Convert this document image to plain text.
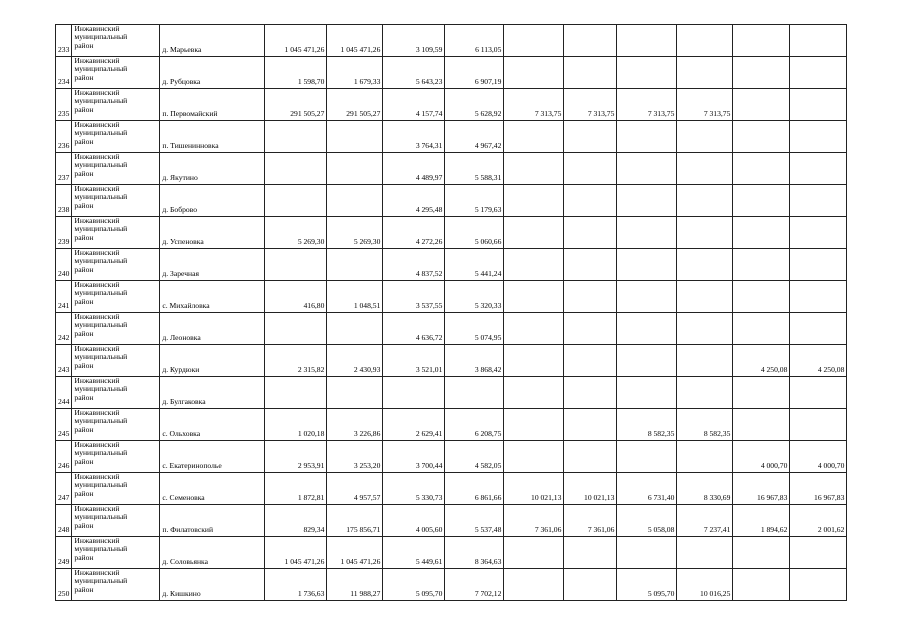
233	Инжавинский
муниципальный
район	д. Марьевка	1 045 471,26	1 045 471,26	3 109,59	6 113,05						
234	Инжавинский
муниципальный
район	д. Рубцовка	1 598,70	1 679,33	5 643,23	6 907,19						
235	Инжавинский
муниципальный
район	п. Первомайский	291 505,27	291 505,27	4 157,74	5 628,92	7 313,75	7 313,75	7 313,75	7 313,75		
236	Инжавинский
муниципальный
район	п. Тишенинновка			3 764,31	4 967,42						
237	Инжавинский
муниципальный
район	д. Якутино			4 489,97	5 588,31						
238	Инжавинский
муниципальный
район	д. Боброво			4 295,48	5 179,63						
239	Инжавинский
муниципальный
район	д. Успеновка	5 269,30	5 269,30	4 272,26	5 060,66						
240	Инжавинский
муниципальный
район	д. Заречная			4 837,52	5 441,24						
241	Инжавинский
муниципальный
район	с. Михайловка	416,80	1 048,51	3 537,55	5 320,33						
242	Инжавинский
муниципальный
район	д. Леоновка			4 636,72	5 074,95						
243	Инжавинский
муниципальный
район	д. Курдюки	2 315,82	2 430,93	3 521,01	3 868,42					4 250,08	4 250,08
244	Инжавинский
муниципальный
район	д. Булгаковка										
245	Инжавинский
муниципальный
район	с. Ольховка	1 020,18	3 226,86	2 629,41	6 208,75			8 582,35	8 582,35		
246	Инжавинский
муниципальный
район	с. Екатеринополье	2 953,91	3 253,20	3 700,44	4 582,05					4 000,70	4 000,70
247	Инжавинский
муниципальный
район	с. Семеновка	1 872,81	4 957,57	5 330,73	6 861,66	10 021,13	10 021,13	6 731,40	8 330,69	16 967,83	16 967,83
248	Инжавинский
муниципальный
район	п. Филатовский	829,34	175 856,71	4 005,60	5 537,48	7 361,06	7 361,06	5 058,08	7 237,41	1 894,62	2 001,62
249	Инжавинский
муниципальный
район	д. Соловьянка	1 045 471,26	1 045 471,26	5 449,61	8 364,63						
250	Инжавинский
муниципальный
район	д. Кишкино	1 736,63	11 988,27	5 095,70	7 702,12			5 095,70	10 016,25		
